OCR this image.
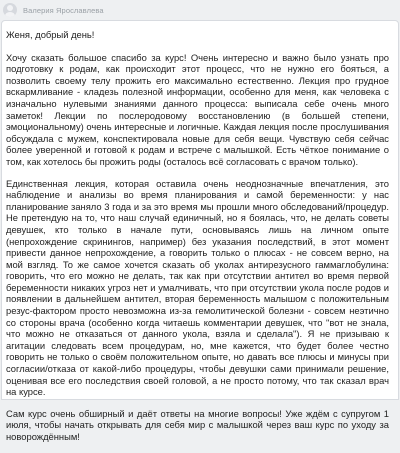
Валерия Ярославлева

Женя, добрый день!

Хочу сказать большое спасибо за курс! Очень интересно и важно было узнать про подготовку к родам, как происходит этот процесс, что не нужно его бояться, а позволить своему телу прожить его максимально естественно. Лекция про грудное вскармливание - кладезь полезной информации, особенно для меня, как человека с изначально нулевыми знаниями данного процесса: выписала себе очень много заметок! Лекции по послеродовому восстановлению (в большей степени, эмоциональному) очень интересные и логичные. Каждая лекция после прослушивания обсуждала с мужем, конспектировала новые для себя вещи. Чувствую себя сейчас более уверенной и готовой к родам и встрече с малышкой. Есть чёткое понимание о том, как хотелось бы прожить роды (осталось всё согласовать с врачом только).

Единственная лекция, которая оставила очень неоднозначные впечатления, это наблюдение и анализы во время планирования и самой беременности: у нас планирование заняло 3 года и за это время мы прошли много обследований/процедур. Не претендую на то, что наш случай единичный, но я боялась, что, не делать советы девушек, кто только в начале пути, основываясь лишь на личном опыте (непрохождение скринингов, например) без указания последствий, в этот момент привести данное непрохождение, а говорить только о плюсах - не совсем верно, на мой взгляд. То же самое хочется сказать об уколах антирезусного гаммаглобулина: говорить, что его можно не делать, так как при отсутствии антител во время первой беременности никаких угроз нет и умалчивать, что при отсутствии укола после родов и появлении в дальнейшем антител, вторая беременность малышом с положительным резус-фактором просто невозможна из-за гемолитической болезни - совсем неэтично со стороны врача (особенно когда читаешь комментарии девушек, что "вот не знала, что можно не отказаться от данного укола, взяла и сделала"). Я не призываю к агитации следовать всем процедурам, но, мне кажется, что будет более честно говорить не только о своём положительном опыте, но давать все плюсы и минусы при согласии/отказа от какой-либо процедуры, чтобы девушки сами принимали решение, оценивая все его последствия своей головой, а не просто потому, что так сказал врач на курсе.

Сам курс очень обширный и даёт ответы на многие вопросы! Уже ждём с супругом 1 июля, чтобы начать открывать для себя мир с малышкой через ваш курс по уходу за новорождённым!
